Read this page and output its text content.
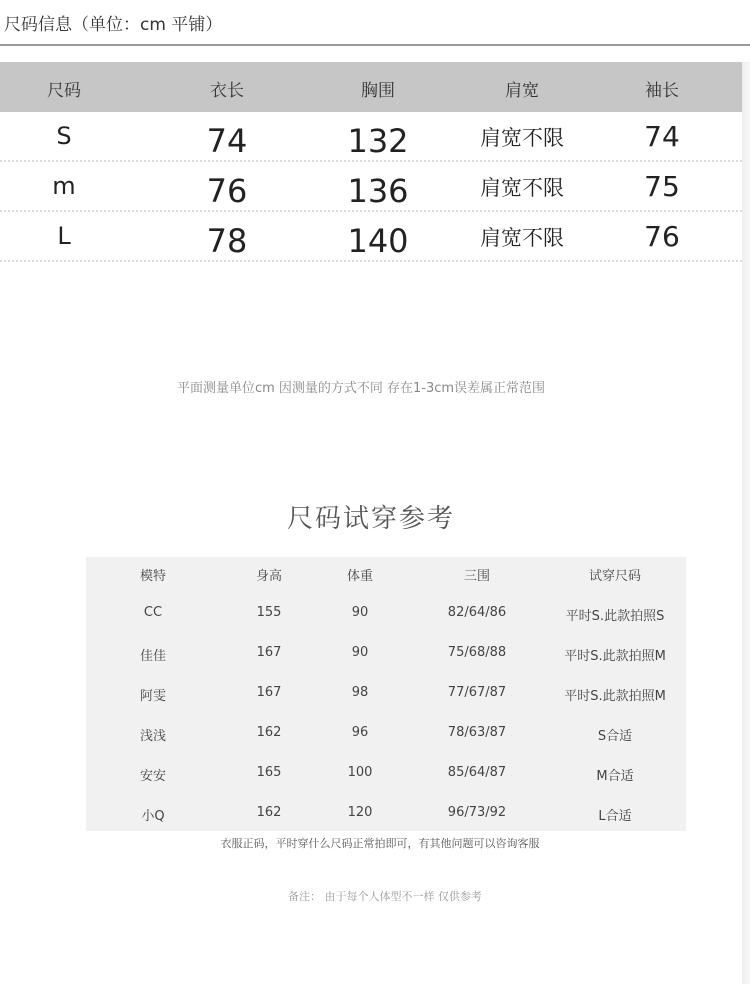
尺码信息（单位：cm 平铺）
尺码	衣长	胸围	肩宽	袖长
S	74	132	肩宽不限	74
m	76	136	肩宽不限	75
L	78	140	肩宽不限	76
平面测量单位cm 因测量的方式不同 存在1-3cm误差属正常范围
尺码试穿参考
模特	身高	体重	三围	试穿尺码
CC	155	90	82/64/86	平时S.此款拍照S
佳佳	167	90	75/68/88	平时S.此款拍照M
阿雯	167	98	77/67/87	平时S.此款拍照M
浅浅	162	96	78/63/87	S合适
安安	165	100	85/64/87	M合适
小Q	162	120	96/73/92	L合适
衣服正码，平时穿什么尺码正常拍即可，有其他问题可以咨询客服
备注： 由于每个人体型不一样 仅供参考
